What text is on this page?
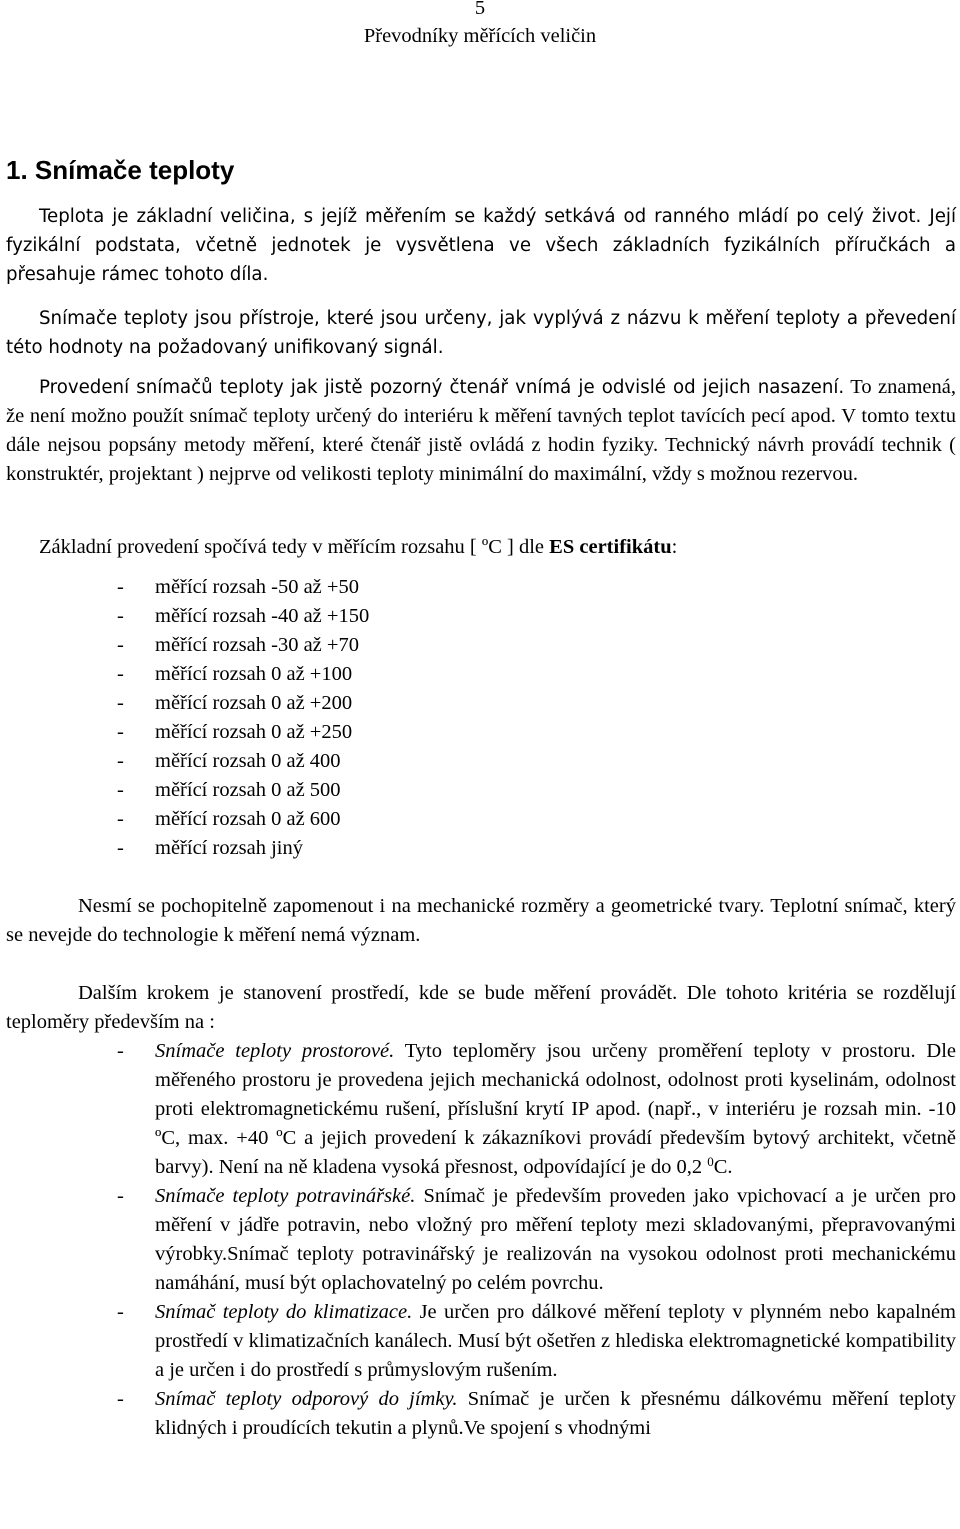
5
Převodníky měřících veličin
1. Snímače teploty

Teplota je základní veličina, s jejíž měřením se každý setkává od ranného mládí po celý život. Její fyzikální podstata, včetně jednotek je vysvětlena ve všech základních fyzikálních příručkách a přesahuje rámec tohoto díla.

Snímače teploty jsou přístroje, které jsou určeny, jak vyplývá z názvu k měření teploty a převedení této hodnoty na požadovaný unifikovaný signál.

Provedení snímačů teploty jak jistě pozorný čtenář vnímá je odvislé od jejich nasazení. To znamená, že není možno použít snímač teploty určený do interiéru k měření tavných teplot tavících pecí apod. V tomto textu dále nejsou popsány metody měření, které čtenář jistě ovládá z hodin fyziky. Technický návrh provádí technik ( konstruktér, projektant ) nejprve od velikosti teploty minimální do maximální, vždy s možnou rezervou.

Základní provedení spočívá tedy v měřícím rozsahu [ ºC ] dle ES certifikátu:

- měřící rozsah -50 až +50
- měřící rozsah -40 až +150
- měřící rozsah -30 až +70
- měřící rozsah 0 až +100
- měřící rozsah 0 až +200
- měřící rozsah 0 až +250
- měřící rozsah 0 až 400
- měřící rozsah 0 až 500
- měřící rozsah 0 až 600
- měřící rozsah jiný

Nesmí se pochopitelně zapomenout i na mechanické rozměry a geometrické tvary. Teplotní snímač, který se nevejde do technologie k měření nemá význam.

Dalším krokem je stanovení prostředí, kde se bude měření provádět. Dle tohoto kritéria se rozdělují teploměry především na :

- Snímače teploty prostorové. Tyto teploměry jsou určeny proměření teploty v prostoru. Dle měřeného prostoru je provedena jejich mechanická odolnost, odolnost proti kyselinám, odolnost proti elektromagnetickému rušení, příslušní krytí IP apod. (např., v interiéru je rozsah min. -10 ºC, max. +40 ºC a jejich provedení k zákazníkovi provádí především bytový architekt, včetně barvy). Není na ně kladena vysoká přesnost, odpovídající je do 0,2 $^0$C.
- Snímače teploty potravinářské. Snímač je především proveden jako vpichovací a je určen pro měření v jádře potravin, nebo vložný pro měření teploty mezi skladovanými, přepravovanými výrobky.Snímač teploty potravinářský je realizován na vysokou odolnost proti mechanickému namáhání, musí být oplachovatelný po celém povrchu.
- Snímač teploty do klimatizace. Je určen pro dálkové měření teploty v plynném nebo kapalném prostředí v klimatizačních kanálech. Musí být ošetřen z hlediska elektromagnetické kompatibility a je určen i do prostředí s průmyslovým rušením.
- Snímač teploty odporový do jímky. Snímač je určen k přesnému dálkovému měření teploty klidných i proudících tekutin a plynů.Ve spojení s vhodnými
